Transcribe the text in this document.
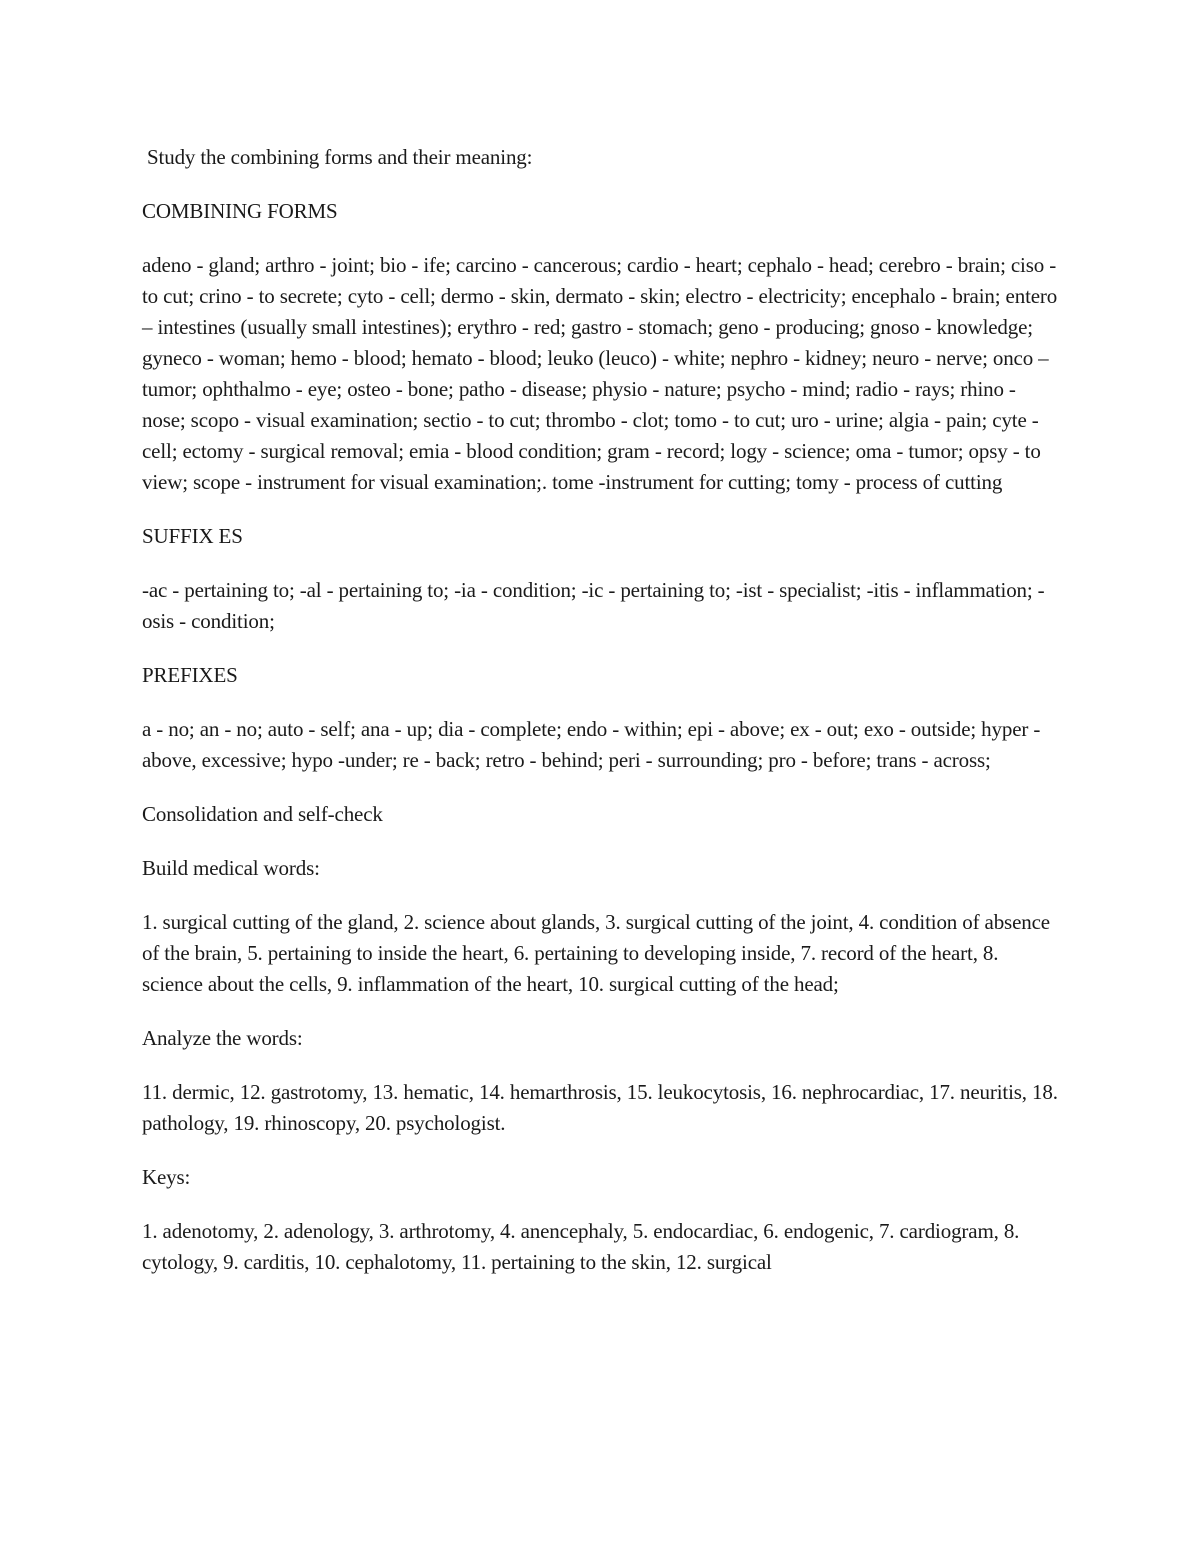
Study the combining forms and their meaning:

COMBINING FORMS

adeno - gland; arthro - joint; bio - ife; carcino - cancerous; cardio - heart; cephalo - head; cerebro - brain; ciso - to cut; crino - to secrete; cyto - cell; dermo - skin, dermato - skin; electro - electricity; encephalo - brain; entero – intestines (usually small intestines); erythro - red; gastro - stomach; geno - producing; gnoso - knowledge; gyneco - woman; hemo - blood; hemato - blood; leuko (leuco) - white; nephro - kidney; neuro - nerve; onco – tumor; ophthalmo - eye; osteo - bone; patho - disease; physio - nature; psycho - mind; radio - rays; rhino - nose; scopo - visual examination; sectio - to cut; thrombo - clot; tomo - to cut; uro - urine; algia - pain; cyte - cell; ectomy - surgical removal; emia - blood condition; gram - record; logy - science; oma - tumor; opsy - to view; scope - instrument for visual examination;. tome -instrument for cutting; tomy - process of cutting

SUFFIX ES

-ac - pertaining to; -al - pertaining to; -ia - condition; -ic - pertaining to; -ist - specialist; -itis - inflammation; -osis - condition;

PREFIXES

a - no; an - no; auto - self; ana - up; dia - complete; endo - within; epi - above; ex - out; exo - outside; hyper - above, excessive; hypo -under; re - back; retro - behind; peri - surrounding; pro - before; trans - across;

Consolidation and self-check

Build medical words:

1. surgical cutting of the gland, 2. science about glands, 3. surgical cutting of the joint, 4. condition of absence of the brain, 5. pertaining to inside the heart, 6. pertaining to developing inside, 7. record of the heart, 8. science about the cells, 9. inflammation of the heart, 10. surgical cutting of the head;

Analyze the words:

11. dermic, 12. gastrotomy, 13. hematic, 14. hemarthrosis, 15. leukocytosis, 16. nephrocardiac, 17. neuritis, 18. pathology, 19. rhinoscopy, 20. psychologist.

Keys:

1. adenotomy, 2. adenology, 3. arthrotomy, 4. anencephaly, 5. endocardiac, 6. endogenic, 7. cardiogram, 8. cytology, 9. carditis, 10. cephalotomy, 11. pertaining to the skin, 12. surgical
